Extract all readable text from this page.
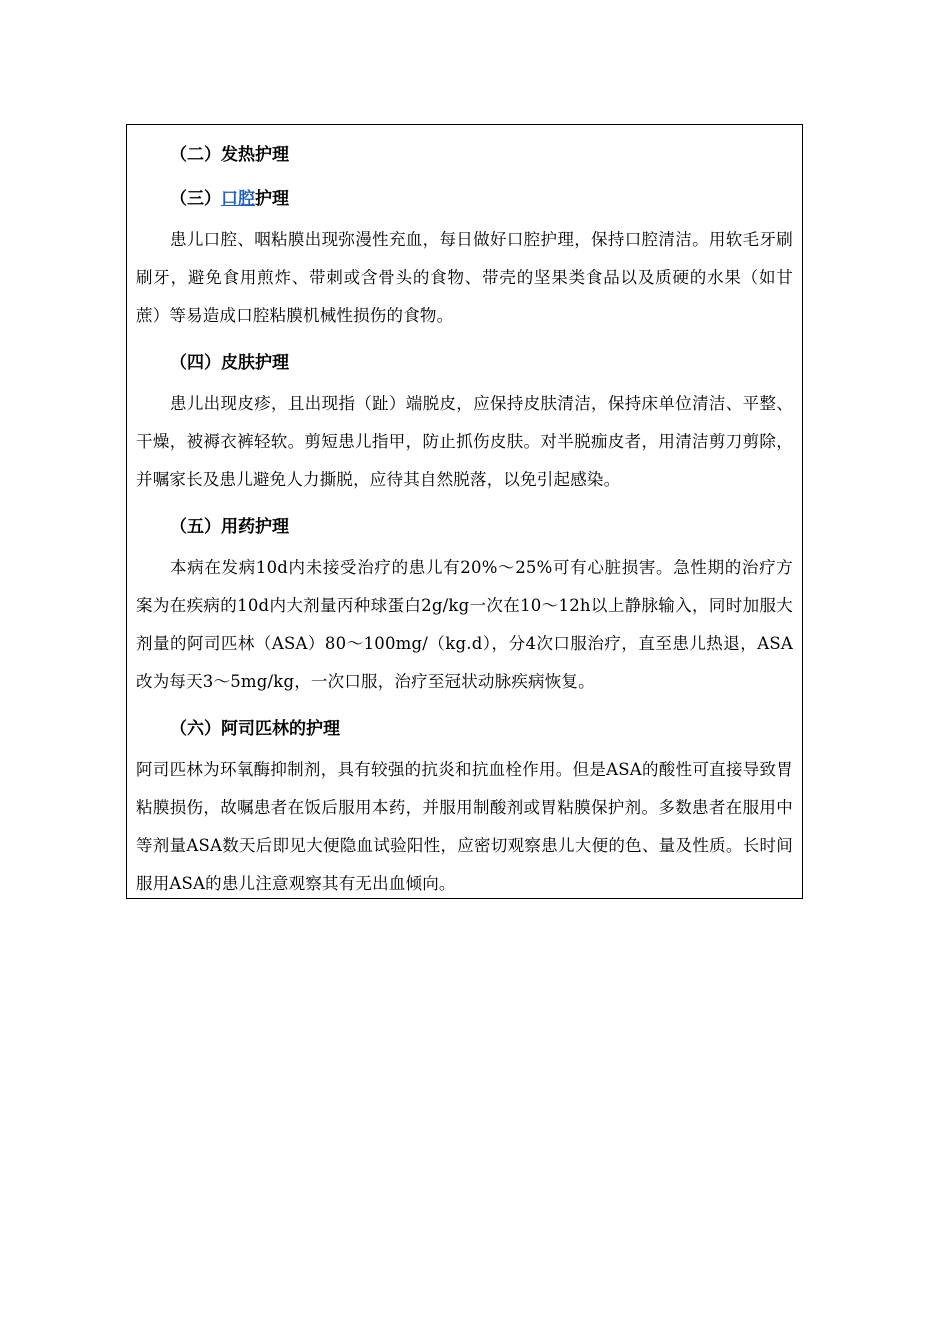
（二）发热护理
（三）口腔护理

患儿口腔、咽粘膜出现弥漫性充血，每日做好口腔护理，保持口腔清洁。用软毛牙刷刷牙，避免食用煎炸、带刺或含骨头的食物、带壳的坚果类食品以及质硬的水果（如甘蔗）等易造成口腔粘膜机械性损伤的食物。

（四）皮肤护理

患儿出现皮疹，且出现指（趾）端脱皮，应保持皮肤清洁，保持床单位清洁、平整、干燥，被褥衣裤轻软。剪短患儿指甲，防止抓伤皮肤。对半脱痂皮者，用清洁剪刀剪除，并嘱家长及患儿避免人力撕脱，应待其自然脱落，以免引起感染。

（五）用药护理

本病在发病10d内未接受治疗的患儿有20%～25%可有心脏损害。急性期的治疗方案为在疾病的10d内大剂量丙种球蛋白2g/kg一次在10～12h以上静脉输入，同时加服大剂量的阿司匹林（ASA）80～100mg/（kg.d），分4次口服治疗，直至患儿热退，ASA改为每天3～5mg/kg，一次口服，治疗至冠状动脉疾病恢复。

（六）阿司匹林的护理

阿司匹林为环氧酶抑制剂，具有较强的抗炎和抗血栓作用。但是ASA的酸性可直接导致胃粘膜损伤，故嘱患者在饭后服用本药，并服用制酸剂或胃粘膜保护剂。多数患者在服用中等剂量ASA数天后即见大便隐血试验阳性，应密切观察患儿大便的色、量及性质。长时间服用ASA的患儿注意观察其有无出血倾向。
